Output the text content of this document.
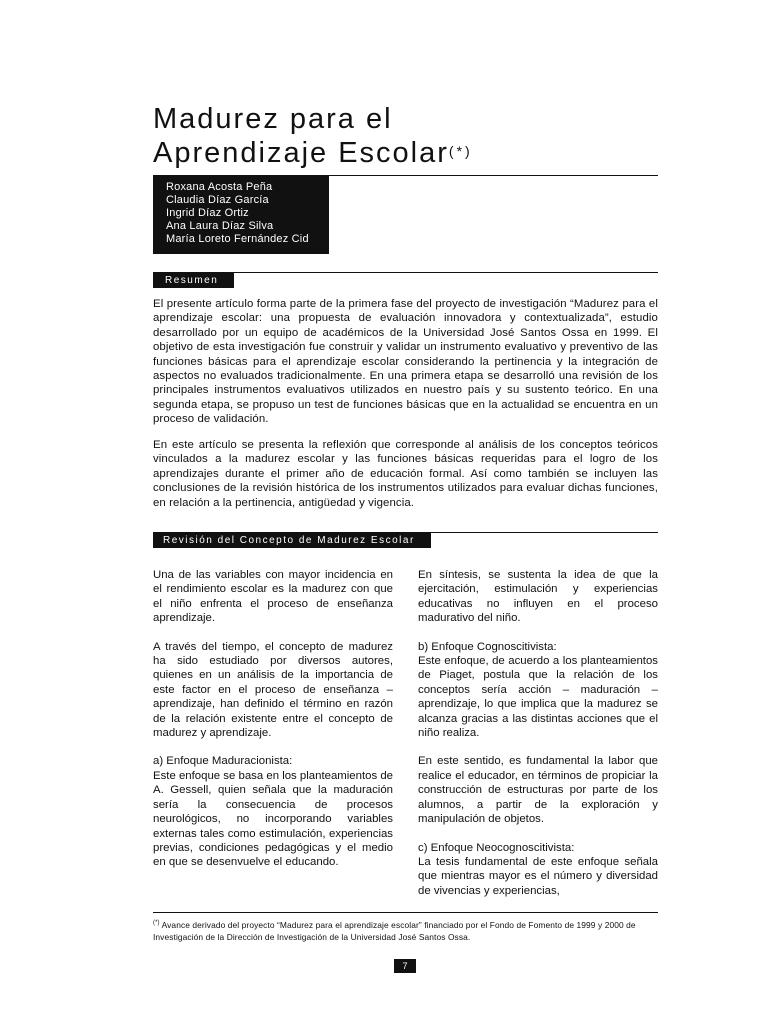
Madurez para el
Aprendizaje Escolar(*)
Roxana Acosta Peña
Claudia Díaz García
Ingrid Díaz Ortiz
Ana Laura Díaz Silva
María Loreto Fernández Cid
Resumen

El presente artículo forma parte de la primera fase del proyecto de investigación “Madurez para el aprendizaje escolar: una propuesta de evaluación innovadora y contextualizada”, estudio desarrollado por un equipo de académicos de la Universidad José Santos Ossa en 1999. El objetivo de esta investigación fue construir y validar un instrumento evaluativo y preventivo de las funciones básicas para el aprendizaje escolar considerando la pertinencia y la integración de aspectos no evaluados tradicionalmente. En una primera etapa se desarrolló una revisión de los principales instrumentos evaluativos utilizados en nuestro país y su sustento teórico. En una segunda etapa, se propuso un test de funciones básicas que en la actualidad se encuentra en un proceso de validación.

En este artículo se presenta la reflexión que corresponde al análisis de los conceptos teóricos vinculados a la madurez escolar y las funciones básicas requeridas para el logro de los aprendizajes durante el primer año de educación formal. Así como también se incluyen las conclusiones de la revisión histórica de los instrumentos utilizados para evaluar dichas funciones, en relación a la pertinencia, antigüedad y vigencia.

Revisión del Concepto de Madurez Escolar

Una de las variables con mayor incidencia en el rendimiento escolar es la madurez con que el niño enfrenta el proceso de enseñanza aprendizaje.

A través del tiempo, el concepto de madurez ha sido estudiado por diversos autores, quienes en un análisis de la importancia de este factor en el proceso de enseñanza –aprendizaje, han definido el término en razón de la relación existente entre el concepto de madurez y aprendizaje.

a) Enfoque Maduracionista:
Este enfoque se basa en los planteamientos de A. Gessell, quien señala que la maduración sería la consecuencia de procesos neurológicos, no incorporando variables externas tales como estimulación, experiencias previas, condiciones pedagógicas y el medio en que se desenvuelve el educando.

En síntesis, se sustenta la idea de que la ejercitación, estimulación y experiencias educativas no influyen en el proceso madurativo del niño.

b) Enfoque Cognoscitivista:
Este enfoque, de acuerdo a los planteamientos de Piaget, postula que la relación de los conceptos sería acción – maduración – aprendizaje, lo que implica que la madurez se alcanza gracias a las distintas acciones que el niño realiza.

En este sentido, es fundamental la labor que realice el educador, en términos de propiciar la construcción de estructuras por parte de los alumnos, a partir de la exploración y manipulación de objetos.

c) Enfoque Neocognoscitivista:
La tesis fundamental de este enfoque señala que mientras mayor es el número y diversidad de vivencias y experiencias,

(*) Avance derivado del proyecto “Madurez para el aprendizaje escolar” financiado por el Fondo de Fomento de 1999 y 2000 de Investigación de la Dirección de Investigación de la Universidad José Santos Ossa.

7
